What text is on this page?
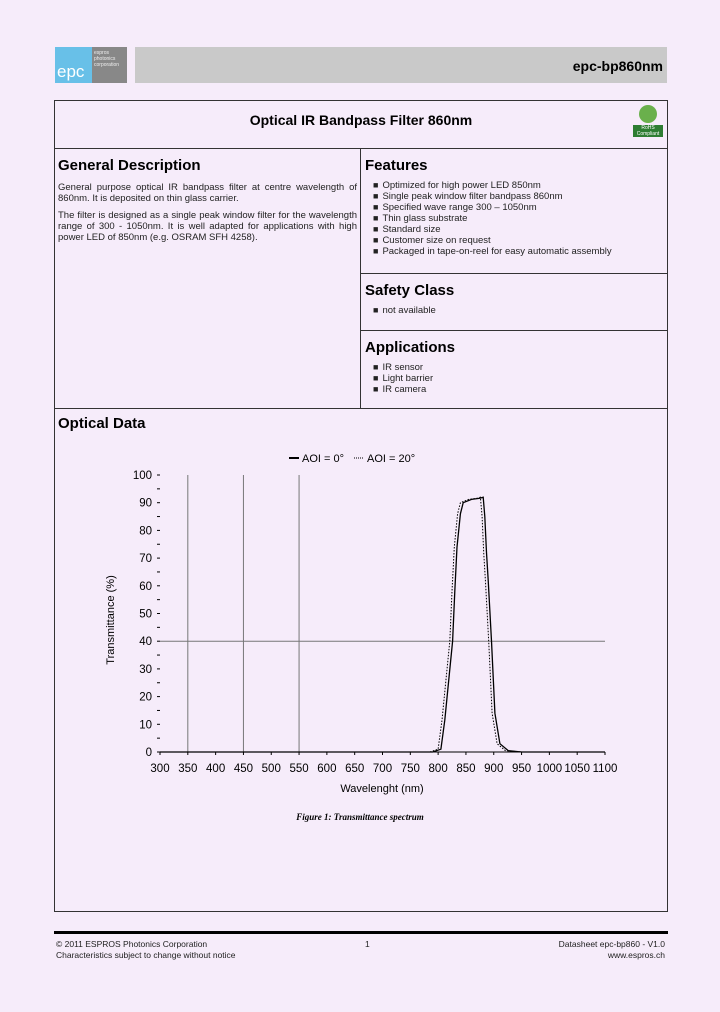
epc
espros
photonics
corporation	epc-bp860nm
Optical IR Bandpass Filter 860nm	RoHS
Compliant
General Description

General purpose optical IR bandpass filter at centre wavelength of 860nm. It is deposited on thin glass carrier.

The filter is designed as a single peak window filter for the wavelength range of 300 - 1050nm. It is well adapted for applications with high power LED of 850nm (e.g. OSRAM SFH 4258).

Features
■ Optimized for high power LED 850nm
■ Single peak window filter bandpass 860nm
■ Specified wave range 300 – 1050nm
■ Thin glass substrate
■ Standard size
■ Customer size on request
■ Packaged in tape-on-reel for easy automatic assembly
Safety Class
■ not available
Applications
■ IR sensor
■ Light barrier
■ IR camera
Optical Data
AOI = 0° AOI = 20°
Transmittance (%)
Wavelenght (nm)
Figure 1: Transmittance spectrum
300 350 400 450 500 550 600 650 700 750 800 850 900 950 1000 1050 1100
0
10
20
30
40
50
60
70
80
90
100
© 2011 ESPROS Photonics Corporation
Characteristics subject to change without notice
1	Datasheet epc-bp860 - V1.0
www.espros.ch
